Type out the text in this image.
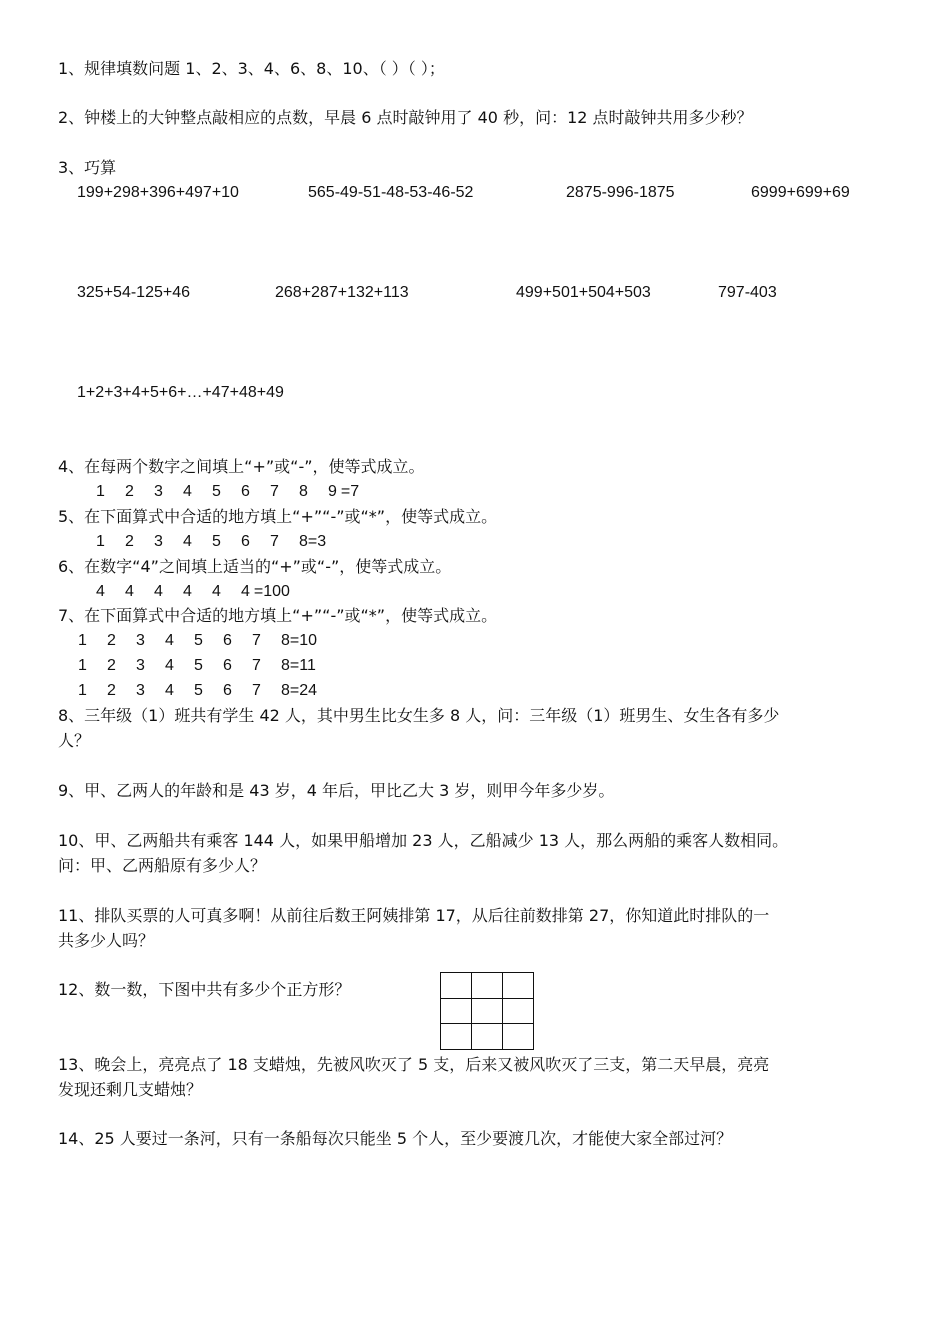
1、规律填数问题 1、2、3、4、6、8、10、（ ）（ ）；
2、钟楼上的大钟整点敲相应的点数，早晨 6 点时敲钟用了 40 秒，问：12 点时敲钟共用多少秒？
3、巧算
199+298+396+497+10	565-49-51-48-53-46-52	2875-996-1875	6999+699+69
325+54-125+46	268+287+132+113	499+501+504+503	797-403
1+2+3+4+5+6+…+47+48+49
4、在每两个数字之间填上“+”或“-”，使等式成立。
1 2 3 4 5 6 7 8 9 =7
5、在下面算式中合适的地方填上“+”“-”或“*”，使等式成立。
1 2 3 4 5 6 7 8=3
6、在数字“4”之间填上适当的“+”或“-”，使等式成立。
4 4 4 4 4 4 =100
7、在下面算式中合适的地方填上“+”“-”或“*”，使等式成立。
1 2 3 4 5 6 7 8=10
1 2 3 4 5 6 7 8=11
1 2 3 4 5 6 7 8=24
8、三年级（1）班共有学生 42 人，其中男生比女生多 8 人，问：三年级（1）班男生、女生各有多少
人？
9、甲、乙两人的年龄和是 43 岁，4 年后，甲比乙大 3 岁，则甲今年多少岁。
10、甲、乙两船共有乘客 144 人，如果甲船增加 23 人，乙船减少 13 人，那么两船的乘客人数相同。
问：甲、乙两船原有多少人？
11、排队买票的人可真多啊！从前往后数王阿姨排第 17，从后往前数排第 27，你知道此时排队的一
共多少人吗？
12、数一数，下图中共有多少个正方形？

13、晚会上，亮亮点了 18 支蜡烛，先被风吹灭了 5 支，后来又被风吹灭了三支，第二天早晨，亮亮
发现还剩几支蜡烛？
14、25 人要过一条河，只有一条船每次只能坐 5 个人，至少要渡几次，才能使大家全部过河？
